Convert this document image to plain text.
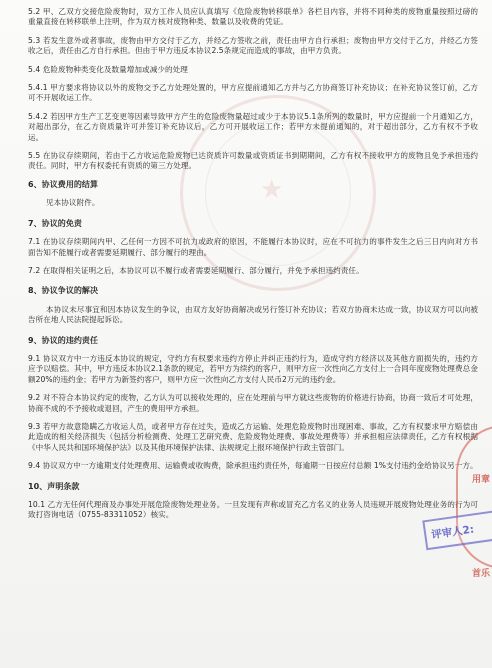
★

5.2 甲、乙双方交接危险废物时，双方工作人员应认真填写《危险废物转移联单》各栏目内容，并将不同种类的废物重量按照过磅的重量直接在转移联单上注明，作为双方核对废物种类、数量以及收费的凭证。

5.3 若发生意外或者事故，废物由甲方交付于乙方，并经乙方签收之前，责任由甲方自行承担；废物由甲方交付于乙方，并经乙方签收之后，责任由乙方自行承担。但由于甲方违反本协议2.5条规定而造成的事故，由甲方负责。

5.4 危险废物种类变化及数量增加或减少的处理

5.4.1 甲方要求将协议以外的废物交予乙方处理处置的，甲方应提前通知乙方并与乙方协商签订补充协议；在补充协议签订前，乙方可不开展收运工作。

5.4.2 若因甲方生产工艺变更等因素导致甲方产生的危险废物量超过或少于本协议5.1条所列的数量时，甲方应提前一个月通知乙方，对超出部分，在乙方资质量许可并签订补充协议后，乙方可开展收运工作；若甲方未提前通知的，对于超出部分，乙方有权不予收运。

5.5 在协议存续期间，若由于乙方收运危险废物已达资质许可数量或资质证书到期期间，乙方有权不接收甲方的废物且免予承担违约责任。同时，甲方有权委托有资质的第三方处理。

6、协议费用的结算

见本协议附件。

7、协议的免责

7.1 在协议存续期间内甲、乙任何一方因不可抗力或政府的原因，不能履行本协议时，应在不可抗力的事件发生之后三日内向对方书面告知不能履行或者需要延期履行、部分履行的理由。

7.2 在取得相关证明之后，本协议可以不履行或者需要延期履行、部分履行，并免予承担违约责任。

8、协议争议的解决

本协议未尽事宜和因本协议发生的争议，由双方友好协商解决或另行签订补充协议；若双方协商未达成一致，协议双方可以向被告所在地人民法院提起诉讼。

9、协议的违约责任

9.1 协议双方中一方违反本协议的规定，守约方有权要求违约方停止并纠正违约行为，造成守约方经济以及其他方面损失的，违约方应予以赔偿。其中，甲方违反本协议2.1条款的规定，若甲方为续约的客户，则甲方应一次性向乙方支付上一合同年度废物处理费总金额20%的违约金；若甲方为新签约客户，则甲方应一次性向乙方支付人民币2万元的违约金。

9.2 对不符合本协议约定的废物，乙方认为可以接收处理的，应在处理前与甲方就这些废物的价格进行协商，协商一致后才可处理，协商不成的不予接收或退回，产生的费用甲方承担。

9.3 若甲方故意隐瞒乙方收运人员，或者甲方存在过失，造成乙方运输、处理危险废物时出现困难、事故，乙方有权要求甲方赔偿由此造成的相关经济损失（包括分析检测费、处理工艺研究费、危险废物处理费、事故处理费等）并承担相应法律责任，乙方有权根据《中华人民共和国环境保护法》以及其他环境保护法律、法规规定上报环境保护行政主管部门。

9.4 协议双方中一方逾期支付处理费用、运输费或收购费，除承担违约责任外，每逾期一日按应付总额 1%支付违约金给协议另一方。

10、声明条款

10.1 乙方无任何代理商及办事处开展危险废物处理业务。一旦发现有声称或冒充乙方名义的业务人员违规开展废物处理业务的行为可致打咨询电话（0755-83311052）核实。

用章
首乐
评审人2:
